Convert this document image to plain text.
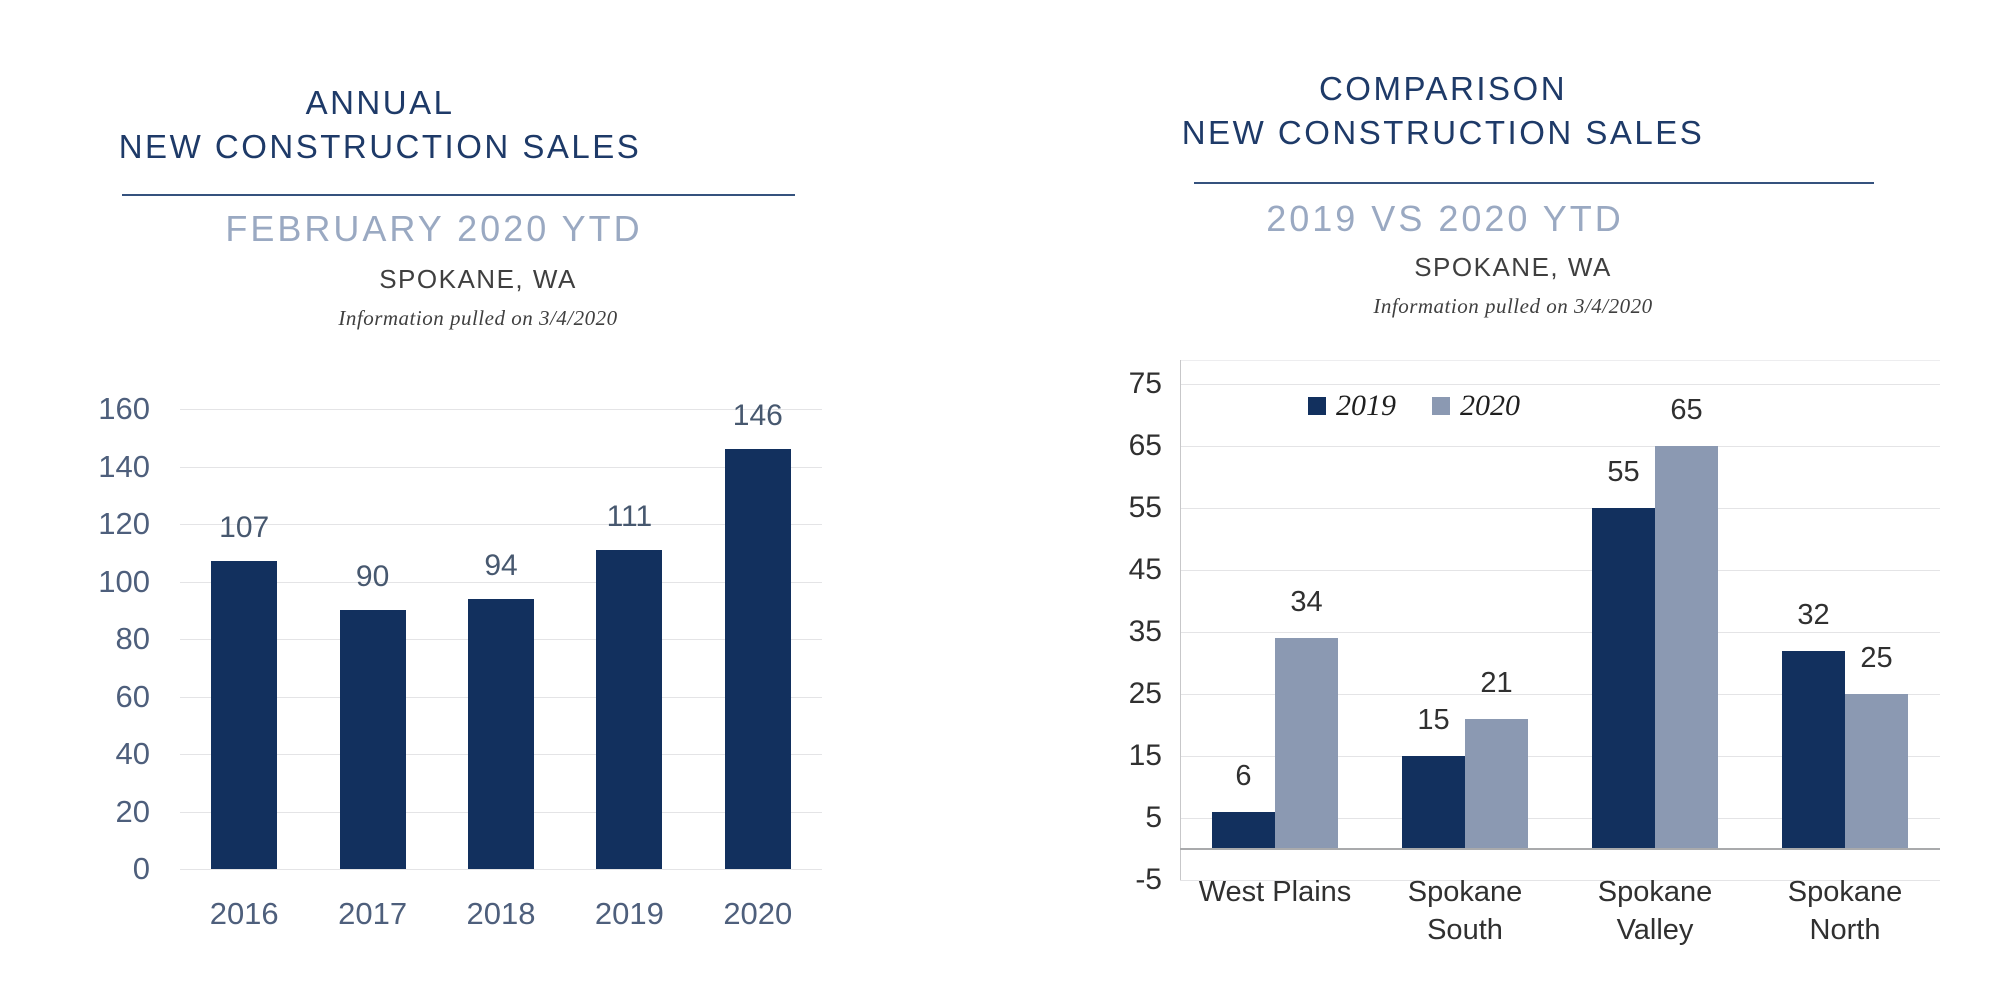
ANNUAL
NEW CONSTRUCTION SALES
FEBRUARY 2020 YTD
SPOKANE, WA
Information pulled on 3/4/2020
0
20
40
60
80
100
120
140
160
107
2016
90
2017
94
2018
111
2019
146
2020
COMPARISON
NEW CONSTRUCTION SALES
2019 VS 2020 YTD
SPOKANE, WA
Information pulled on 3/4/2020
75
65
55
45
35
25
15
5
-5
6
34
West Plains
15
21
Spokane
South
55
65
Spokane
Valley
32
25
Spokane
North
2019 2020
